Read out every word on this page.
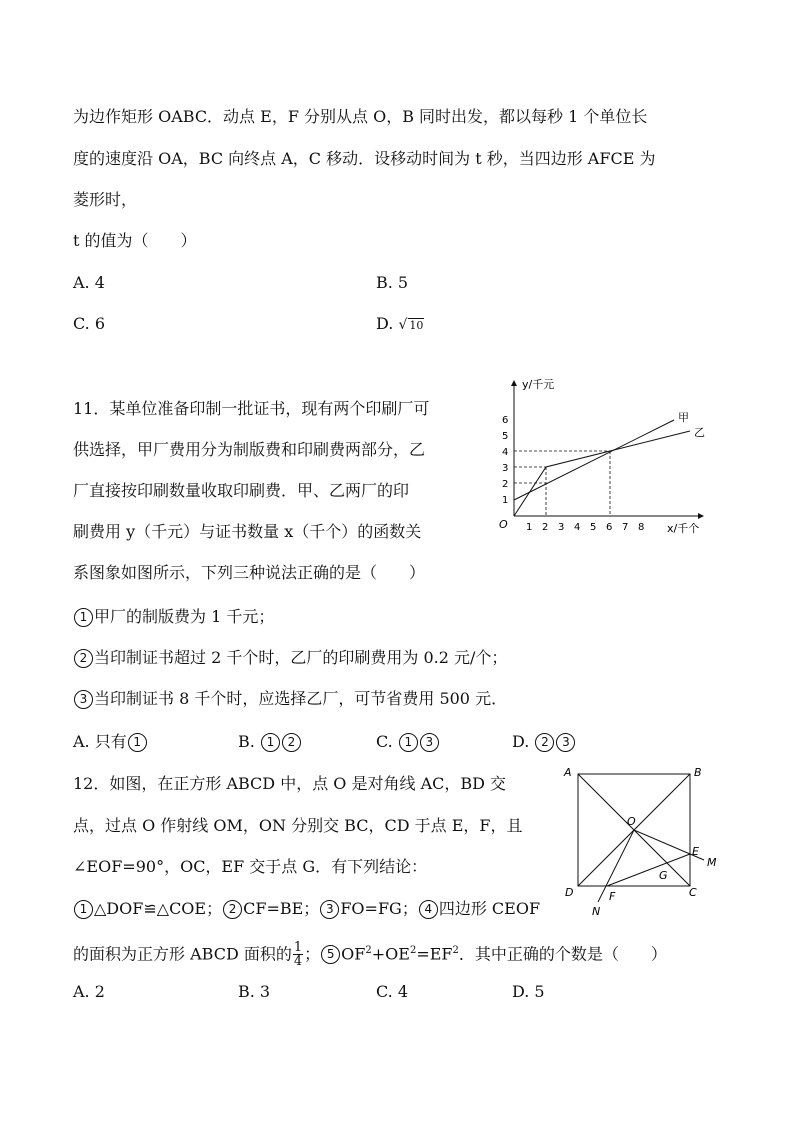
为边作矩形 OABC．动点 E，F 分别从点 O，B 同时出发，都以每秒 1 个单位长
度的速度沿 OA，BC 向终点 A，C 移动．设移动时间为 t 秒，当四边形 AFCE 为
菱形时，
t 的值为（　　）
A. 4	B. 5
C. 6	D. √ 10
11．某单位准备印制一批证书，现有两个印刷厂可
供选择，甲厂费用分为制版费和印刷费两部分，乙
厂直接按印刷数量收取印刷费．甲、乙两厂的印
刷费用 y（千元）与证书数量 x（千个）的函数关
系图象如图所示，下列三种说法正确的是（　　）
1 甲厂的制版费为 1 千元；
2 当印制证书超过 2 千个时，乙厂的印刷费用为 0.2 元/个；
3 当印制证书 8 千个时，应选择乙厂，可节省费用 500 元．
A. 只有 1	B. 1 2	C. 1 3	D. 2 3
y/千元
x/千个
O 1 2 3 4 5 6 7 8
1
2
3
4
5
6	甲
乙
12．如图，在正方形 ABCD 中，点 O 是对角线 AC，BD 交
点，过点 O 作射线 OM，ON 分别交 BC，CD 于点 E，F，且
∠EOF=90°，OC，EF 交于点 G．有下列结论：
1 △DOF≌△COE； 2 CF=BE； 3 FO=FG； 4 四边形 CEOF
的面积为正方形 ABCD 面积的 $\frac{1}{4}$ ； 5 $OF^2+OE^2=EF^2$．其中正确的个数是（　　）
A. 2	B. 3	C. 4	D. 5
A	B
C
D
O
E
F
G
M
N
